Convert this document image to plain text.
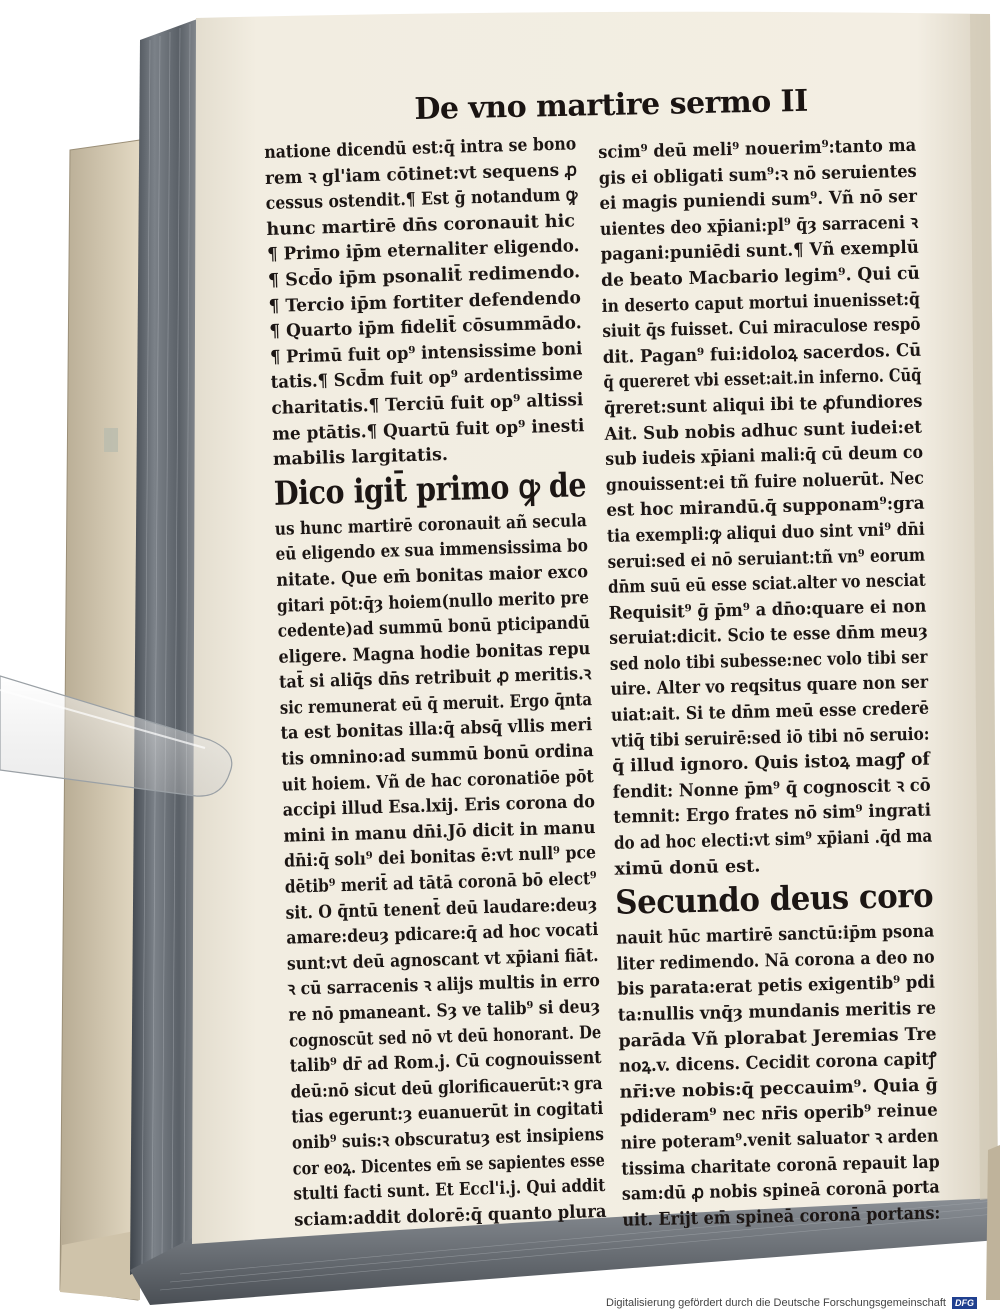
De vno martire sermo II
natione dicendū est:q̄ intra se bono
rem ꝛ gl'iam cōtinet:vt sequens ꝓ
cessus ostendit.¶ Est ḡ notandum ꝙ
hunc martirē dn̄s coronauit hic
¶ Primo ip̄m eternaliter eligendo.
¶ Scd̄o ip̄m psonalit̄ redimendo.
¶ Tercio ip̄m fortiter defendendo
¶ Quarto ip̄m fidelit̄ cōsummādo.
¶ Primū fuit op⁹ intensissime boni
tatis.¶ Scd̄m fuit op⁹ ardentissime
charitatis.¶ Terciū fuit op⁹ altissi
me ptātis.¶ Quartū fuit op⁹ inesti
mabilis largitatis.
Dico igit̄ primo ꝙ de
us hunc martirē coronauit añ secula
eū eligendo ex sua immensissima bo
nitate. Que em̄ bonitas maior exco
gitari pōt:q̄ȝ hoiem(nullo merito pre
cedente)ad summū bonū pticipandū
eligere. Magna hodie bonitas repu
tat̄ si aliq̄s dn̄s retribuit ꝓ meritis.ꝛ
sic remunerat eū q̄ meruit. Ergo q̄nta
ta est bonitas illa:q̄ absq̄ vllis meri
tis omnino:ad summū bonū ordina
uit hoiem. Vñ de hac coronatiōe pōt
accipi illud Esa.lxij. Eris corona do
mini in manu dn̄i.Jō dicit in manu
dn̄i:q̄ solı⁹ dei bonitas ē:vt null⁹ pce
dētib⁹ merit̄ ad tātā coronā bō elect⁹
sit. O q̄ntū tenent̄ deū laudare:deuȝ
amare:deuȝ pdicare:q̄ ad hoc vocati
sunt:vt deū agnoscant vt xp̄iani fiāt.
ꝛ cū sarracenis ꝛ alijs multis in erro
re nō pmaneant. Sȝ ve talib⁹ si deuȝ
cognoscūt sed nō vt deū honorant. De
talib⁹ dr̄ ad Rom.j. Cū cognouissent
deū:nō sicut deū glorificauerūt:ꝛ gra
tias egerunt:ȝ euanuerūt in cogitati
onib⁹ suis:ꝛ obscuratuȝ est insipiens
cor eoꝝ. Dicentes em̄ se sapientes esse
stulti facti sunt. Et Eccl'i.j. Qui addit
sciam:addit dolorē:q̄ quanto plura
scim⁹ deū meli⁹ nouerim⁹:tanto ma
gis ei obligati sum⁹:ꝛ nō seruientes
ei magis puniendi sum⁹. Vñ nō ser
uientes deo xp̄iani:pl⁹ q̄ȝ sarraceni ꝛ
pagani:puniēdi sunt.¶ Vñ exemplū
de beato Macbario legim⁹. Qui cū
in deserto caput mortui inuenisset:q̄
siuit q̄s fuisset. Cui miraculose respō
dit. Pagan⁹ fui:idoloꝝ sacerdos. Cū
q̄ quereret vbi esset:ait.in inferno. Cūq̄
q̄reret:sunt aliqui ibi te ꝓfundiores
Ait. Sub nobis adhuc sunt iudei:et
sub iudeis xp̄iani mali:q̄ cū deum co
gnouissent:ei tñ fuire noluerūt. Nec
est hoc mirandū.q̄ supponam⁹:gra
tia exempli:ꝙ aliqui duo sint vni⁹ dn̄i
serui:sed ei nō seruiant:tñ vn⁹ eorum
dn̄m suū eū esse sciat.alter vo nesciat
Requisit⁹ ḡ p̄m⁹ a dn̄o:quare ei non
seruiat:dicit. Scio te esse dn̄m meuȝ
sed nolo tibi subesse:nec volo tibi ser
uire. Alter vo reqsitus quare non ser
uiat:ait. Si te dn̄m meū esse crederē
vtiq̄ tibi seruirē:sed iō tibi nō seruio:
q̄ illud ignoro. Quis istoꝝ magꝭ of
fendit: Nonne p̄m⁹ q̄ cognoscit ꝛ cō
temnit: Ergo frates nō sim⁹ ingrati
do ad hoc electi:vt sim⁹ xp̄iani .q̄d ma
ximū donū est.
Secundo deus coro
nauit hūc martirē sanctū:ip̄m psona
liter redimendo. Nā corona a deo no
bis parata:erat petis exigentib⁹ pdi
ta:nullis vnq̄ȝ mundanis meritis re
parāda Vñ plorabat Jeremias Tre
noꝝ.v. dicens. Cecidit corona capitꝭ
nr̄i:ve nobis:q̄ peccauim⁹. Quia ḡ
pdideram⁹ nec nr̄is operib⁹ reinue
nire poteram⁹.venit saluator ꝛ arden
tissima charitate coronā repauit lap
sam:dū ꝓ nobis spineā coronā porta
uit. Erijt em̄ spineā coronā portans:
Digitalisierung gefördert durch die Deutsche Forschungsgemeinschaft DFG
